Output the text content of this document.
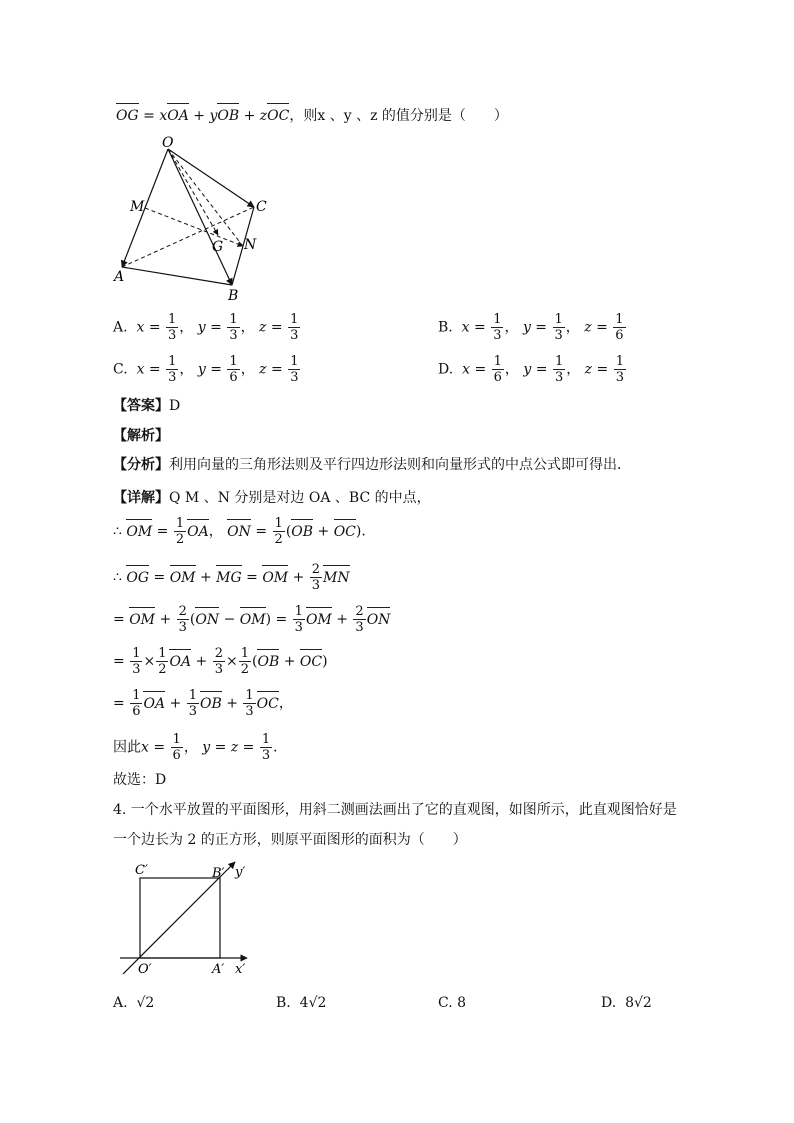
OG = xOA + yOB + zOC，则x 、y 、z 的值分别是（　　）
O
M	C
G N
A
B
A. $x = \frac{1}{3}$ ， $y = \frac{1}{3}$ ， $z = \frac{1}{3}$	B. $x = \frac{1}{3}$ ， $y = \frac{1}{3}$ ， $z = \frac{1}{6}$
C. $x = \frac{1}{3}$ ， $y = \frac{1}{6}$ ， $z = \frac{1}{3}$	D. $x = \frac{1}{6}$ ， $y = \frac{1}{3}$ ， $z = \frac{1}{3}$
【答案】D
【解析】
【分析】利用向量的三角形法则及平行四边形法则和向量形式的中点公式即可得出．
【详解】Q M 、N 分别是对边 OA 、BC 的中点，
∴ OM = $\frac{1}{2}$ OA， ON = $\frac{1}{2} (OB + OC)$．
∴ OG = OM + MG = OM + $\frac{2}{3}$ MN
= OM + $\frac{2}{3} (ON - OM) = \frac{1}{3}$ OM + $\frac{2}{3}$ ON
= $\frac{1}{3} \times \frac{1}{2}$ OA + $\frac{2}{3} \times \frac{1}{2} (OB + OC)$
= $\frac{1}{6}$ OA + $\frac{1}{3}$ OB + $\frac{1}{3}$ OC，
因此$x = \frac{1}{6}$ ， $y = z = \frac{1}{3}$ ．
故选：D
4. 一个水平放置的平面图形，用斜二测画法画出了它的直观图，如图所示，此直观图恰好是
一个边长为 2 的正方形，则原平面图形的面积为（　　）
C′	B′ y′
O′	A′ x′
A. √2	B. 4√2	C. 8	D. 8√2
